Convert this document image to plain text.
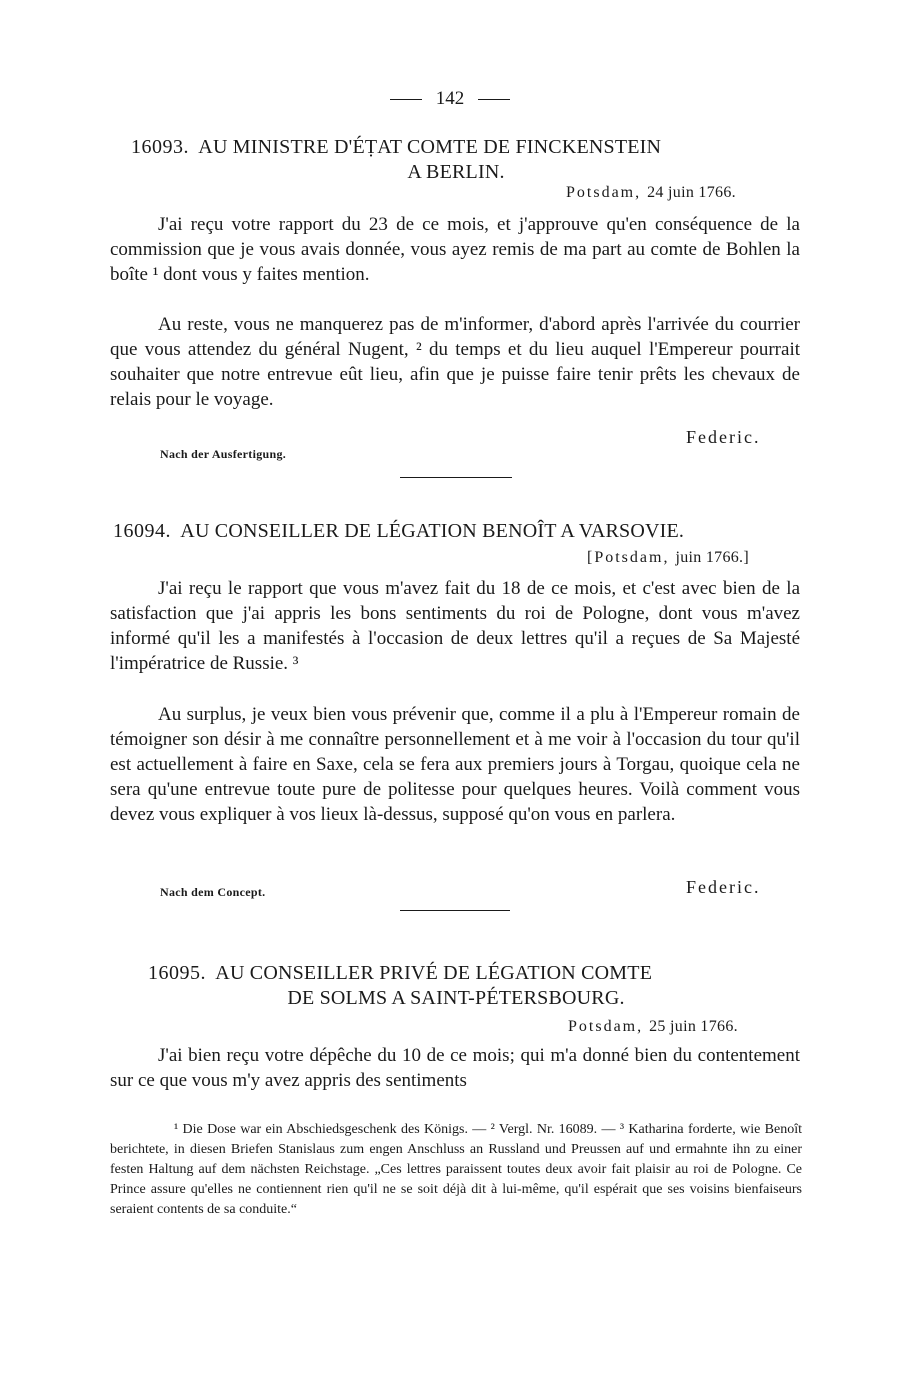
142
16093. AU MINISTRE D'ÉṬAT COMTE DE FINCKENSTEIN
A BERLIN.
Potsdam, 24 juin 1766.
J'ai reçu votre rapport du 23 de ce mois, et j'approuve qu'en conséquence de la commission que je vous avais donnée, vous ayez remis de ma part au comte de Bohlen la boîte ¹ dont vous y faites mention.
Au reste, vous ne manquerez pas de m'informer, d'abord après l'arrivée du courrier que vous attendez du général Nugent, ² du temps et du lieu auquel l'Empereur pourrait souhaiter que notre entrevue eût lieu, afin que je puisse faire tenir prêts les chevaux de relais pour le voyage.
Federic.
Nach der Ausfertigung.
16094. AU CONSEILLER DE LÉGATION BENOÎT A VARSOVIE.
[Potsdam, juin 1766.]
J'ai reçu le rapport que vous m'avez fait du 18 de ce mois, et c'est avec bien de la satisfaction que j'ai appris les bons sentiments du roi de Pologne, dont vous m'avez informé qu'il les a manifestés à l'occasion de deux lettres qu'il a reçues de Sa Majesté l'impératrice de Russie. ³
Au surplus, je veux bien vous prévenir que, comme il a plu à l'Empereur romain de témoigner son désir à me connaître personnellement et à me voir à l'occasion du tour qu'il est actuellement à faire en Saxe, cela se fera aux premiers jours à Torgau, quoique cela ne sera qu'une entrevue toute pure de politesse pour quelques heures. Voilà comment vous devez vous expliquer à vos lieux là-dessus, supposé qu'on vous en parlera.
Nach dem Concept.	Federic.
16095. AU CONSEILLER PRIVÉ DE LÉGATION COMTE
DE SOLMS A SAINT-PÉTERSBOURG.
Potsdam, 25 juin 1766.
J'ai bien reçu votre dépêche du 10 de ce mois; qui m'a donné bien du contentement sur ce que vous m'y avez appris des sentiments
¹ Die Dose war ein Abschiedsgeschenk des Königs. — ² Vergl. Nr. 16089. — ³ Katharina forderte, wie Benoît berichtete, in diesen Briefen Stanislaus zum engen Anschluss an Russland und Preussen auf und ermahnte ihn zu einer festen Haltung auf dem nächsten Reichstage. „Ces lettres paraissent toutes deux avoir fait plaisir au roi de Pologne. Ce Prince assure qu'elles ne contiennent rien qu'il ne se soit déjà dit à lui-même, qu'il espérait que ses voisins bienfaiseurs seraient contents de sa conduite.“
